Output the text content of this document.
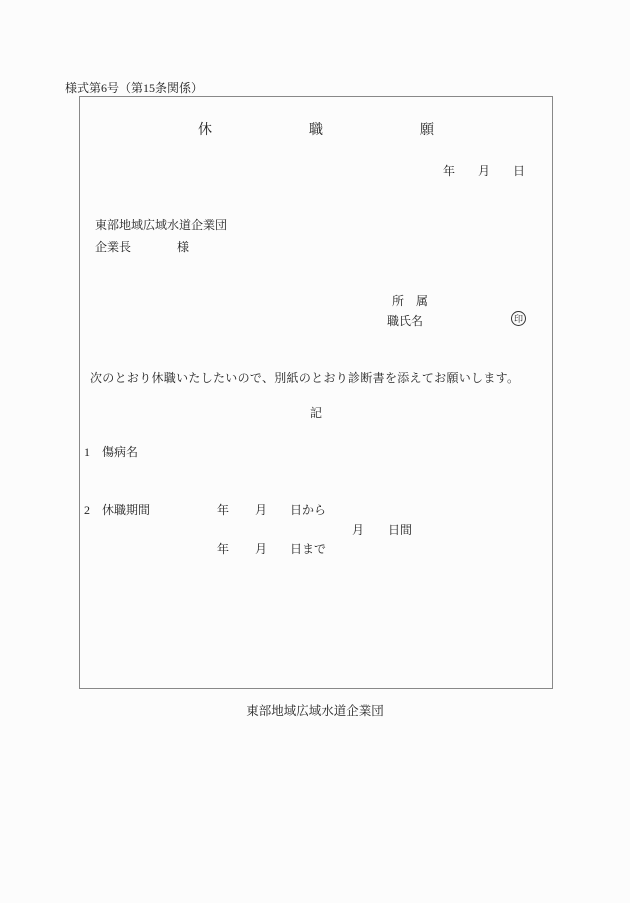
様式第6号（第15条関係）
休	職	願
年 月 日
東部地域広域水道企業団
企業長	様
所　属
職氏名	印
次のとおり休職いたしたいので、別紙のとおり診断書を添えてお願いします。
記
1 傷病名
2 休職期間	年 月 日から
月 日間
年 月 日まで
東部地域広域水道企業団
